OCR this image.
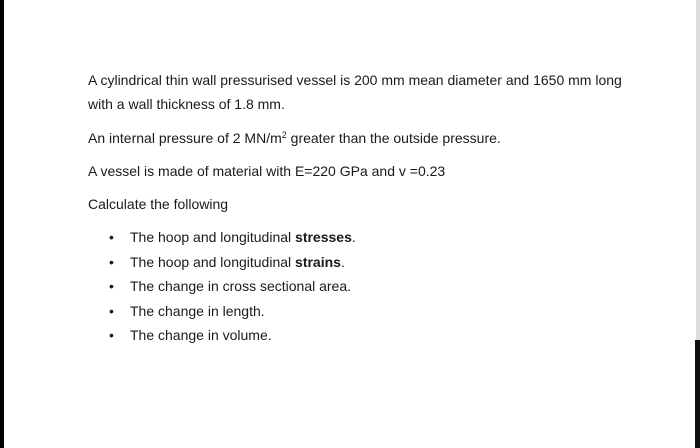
A cylindrical thin wall pressurised vessel is 200 mm mean diameter and 1650 mm long
with a wall thickness of 1.8 mm.

An internal pressure of 2 $MN/m^2$ greater than the outside pressure.

A vessel is made of material with E=220 GPa and v =0.23

Calculate the following

• The hoop and longitudinal stresses.
• The hoop and longitudinal strains.
• The change in cross sectional area.
• The change in length.
• The change in volume.
